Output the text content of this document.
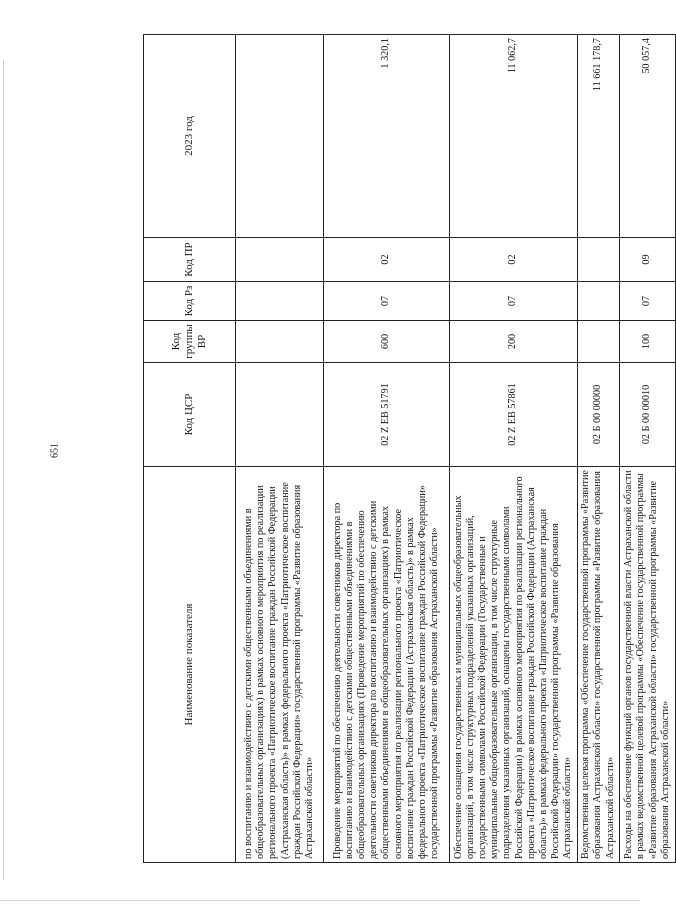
651
Наименование показателя	Код ЦСР	Код группы ВР	Код Рз	Код ПР	2023 год
по воспитанию и взаимодействию с детскими общественными объединениями в общеобразовательных организациях) в рамках основного мероприятия по реализации регионального проекта «Патриотическое воспитание граждан Российской Федерации (Астраханская область)» в рамках федерального проекта «Патриотическое воспитание граждан Российской Федерации» государственной программы «Развитие образования Астраханской области»					
Проведение мероприятий по обеспечению деятельности советников директора по воспитанию и взаимодействию с детскими общественными объединениями в общеобразовательных организациях (Проведение мероприятий по обеспечению деятельности советников директора по воспитанию и взаимодействию с детскими общественными объединениями в общеобразовательных организациях) в рамках основного мероприятия по реализации регионального проекта «Патриотическое воспитание граждан Российской Федерации (Астраханская область)» в рамках федерального проекта «Патриотическое воспитание граждан Российской Федерации» государственной программы «Развитие образования Астраханской области»	02 Z EB 51791	600	07	02	1 320,1
Обеспечение оснащения государственных и муниципальных общеобразовательных организаций, в том числе структурных подразделений указанных организаций, государственными символами Российской Федерации (Государственные и муниципальные общеобразовательные организации, в том числе структурные подразделения указанных организаций, оснащены государственными символами Российской Федерации) в рамках основного мероприятия по реализации регионального проекта «Патриотическое воспитание граждан Российской Федерации (Астраханская область)» в рамках федерального проекта «Патриотическое воспитание граждан Российской Федерации» государственной программы «Развитие образования Астраханской области»	02 Z EB 57861	200	07	02	11 062,7
Ведомственная целевая программа «Обеспечение государственной программы «Развитие образования Астраханской области» государственной программы «Развитие образования Астраханской области»	02 Б 00 00000				11 661 178,7
Расходы на обеспечение функций органов государственной власти Астраханской области в рамках ведомственной целевой программы «Обеспечение государственной программы «Развитие образования Астраханской области» государственной программы «Развитие образования Астраханской области»	02 Б 00 00010	100	07	09	50 057,4
